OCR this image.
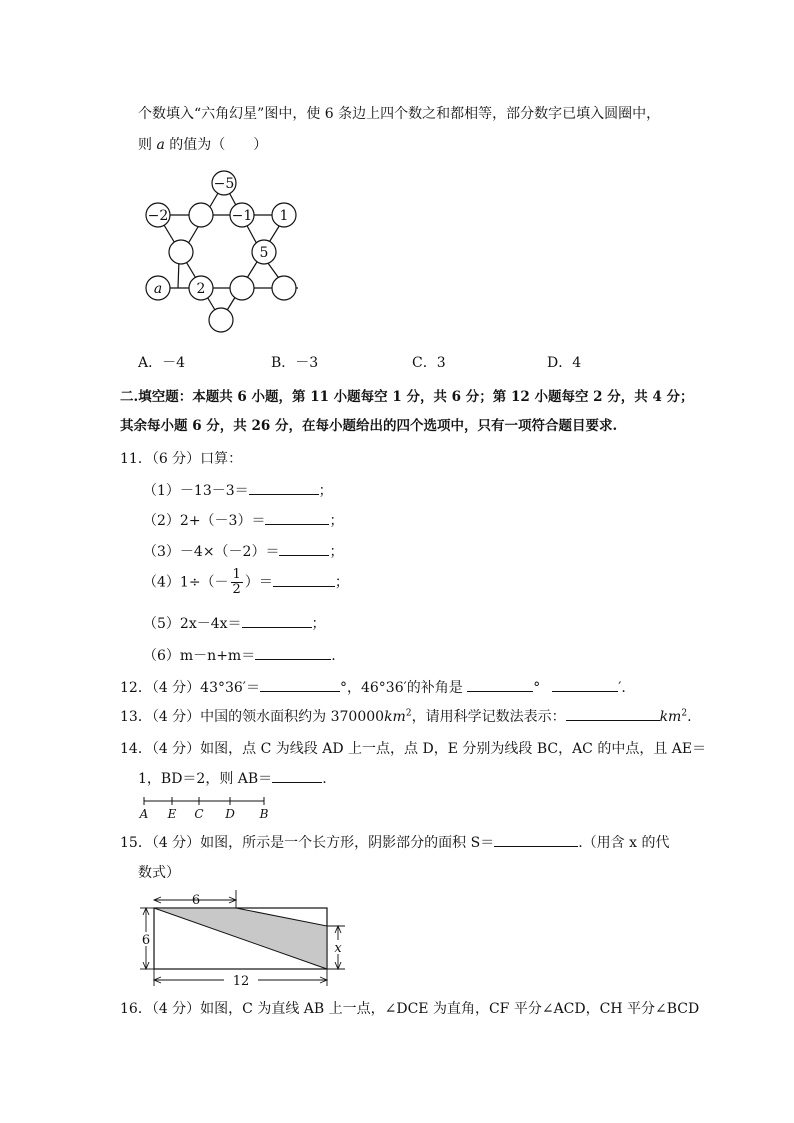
个数填入“六角幻星”图中，使 6 条边上四个数之和都相等，部分数字已填入圆圈中，
则 a 的值为（　　）
−5
−2	−1 1
5
a 2
A．－4	B．－3	C．3	D．4
二.填空题：本题共 6 小题，第 11 小题每空 1 分，共 6 分；第 12 小题每空 2 分，共 4 分；
其余每小题 6 分，共 26 分，在每小题给出的四个选项中，只有一项符合题目要求.
11．（6 分）口算：
（1）－13－3＝	；
（2）2+（－3）＝	；
（3）－4×（－2）＝	；
$(4)1\div(- \frac{1}{2}$ ）＝	；
（5）2x－4x＝	；
（6）m－n+m＝	.
12．（4 分）43°36′＝	°，46°36′的补角是	°	′.
13．（4 分）中国的领水面积约为 $370000km^2$，请用科学记数法表示：	$km^2$.
14．（4 分）如图，点 C 为线段 AD 上一点，点 D，E 分别为线段 BC，AC 的中点，且 AE＝
1，BD＝2，则 AB＝	.
A E C D B
15．（4 分）如图，所示是一个长方形，阴影部分的面积 S＝	.（用含 x 的代
数式）
6
6
x
12
16．（4 分）如图，C 为直线 AB 上一点，∠DCE 为直角，CF 平分∠ACD，CH 平分∠BCD
